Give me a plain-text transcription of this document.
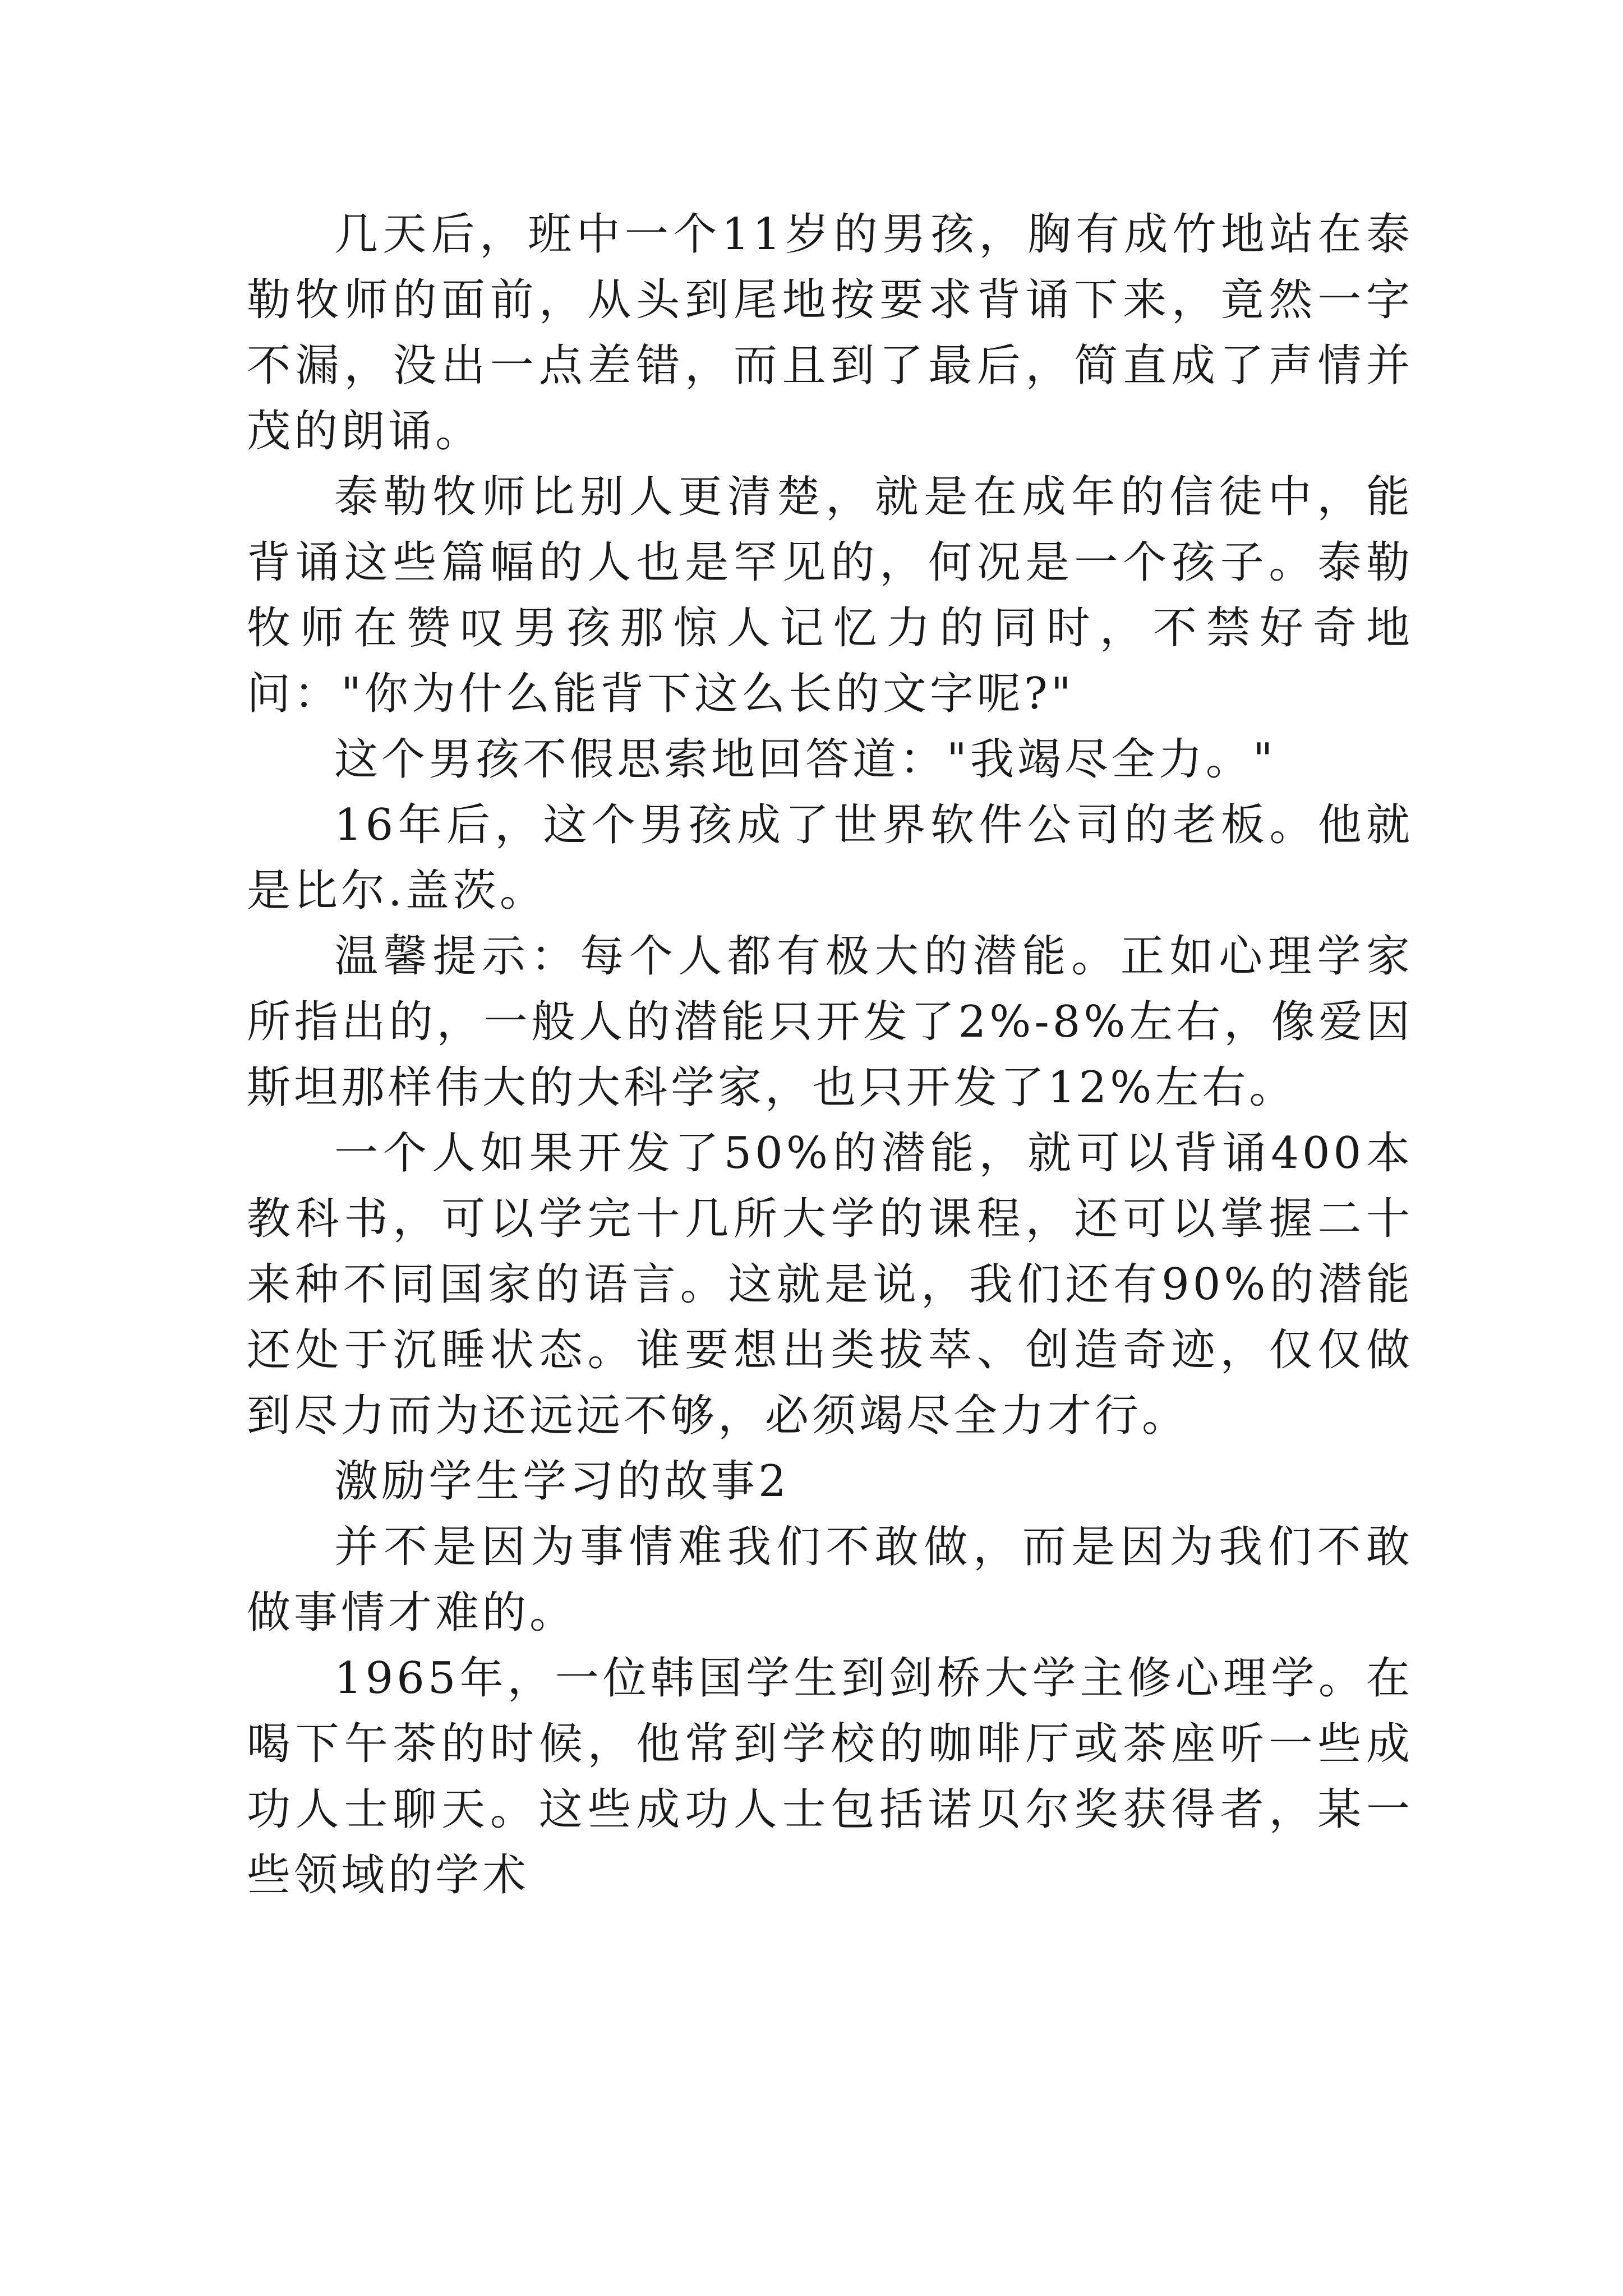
几天后，班中一个11岁的男孩，胸有成竹地站在泰勒牧师的面前，从头到尾地按要求背诵下来，竟然一字不漏，没出一点差错，而且到了最后，简直成了声情并茂的朗诵。

泰勒牧师比别人更清楚，就是在成年的信徒中，能背诵这些篇幅的人也是罕见的，何况是一个孩子。泰勒牧师在赞叹男孩那惊人记忆力的同时，不禁好奇地问："你为什么能背下这么长的文字呢?"

这个男孩不假思索地回答道："我竭尽全力。"

16年后，这个男孩成了世界软件公司的老板。他就是比尔.盖茨。

温馨提示：每个人都有极大的潜能。正如心理学家所指出的，一般人的潜能只开发了2%-8%左右，像爱因斯坦那样伟大的大科学家，也只开发了12%左右。

一个人如果开发了50%的潜能，就可以背诵400本教科书，可以学完十几所大学的课程，还可以掌握二十来种不同国家的语言。这就是说，我们还有90%的潜能还处于沉睡状态。谁要想出类拔萃、创造奇迹，仅仅做到尽力而为还远远不够，必须竭尽全力才行。

激励学生学习的故事2

并不是因为事情难我们不敢做，而是因为我们不敢做事情才难的。

1965年，一位韩国学生到剑桥大学主修心理学。在喝下午茶的时候，他常到学校的咖啡厅或茶座听一些成功人士聊天。这些成功人士包括诺贝尔奖获得者，某一些领域的学术
